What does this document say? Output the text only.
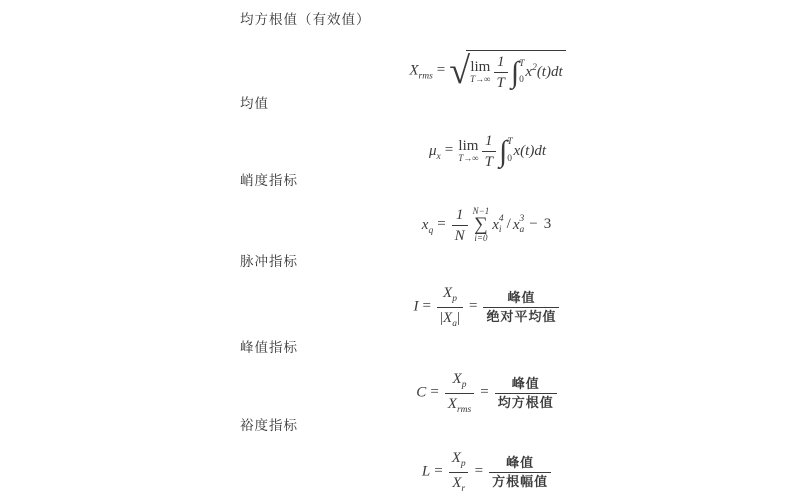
均方根值（有效值）
$X_{rms}$ = √ lim
$T\to\infty \frac{1}{T}$ ∫ T
0
$x^2(t)dt$
均值
$\mu_x = \lim$
$T\to\infty \frac{1}{T}$ ∫ T
0
x(t)dt
峭度指标
$x_q = \frac{1}{N} N-1$
∑
i=0
x 4
i / x 3
a − 3
脉冲指标
$I = \frac{X_p}{|X_a|} = \frac{\text{峰值}}{\text{绝对平均值}}$
峰值指标
$C = \frac{X_p}{X_{rms}} = \frac{\text{峰值}}{\text{均方根值}}$
裕度指标
$L = \frac{X_p}{X_r} = \frac{\text{峰值}}{\text{方根幅值}}$
